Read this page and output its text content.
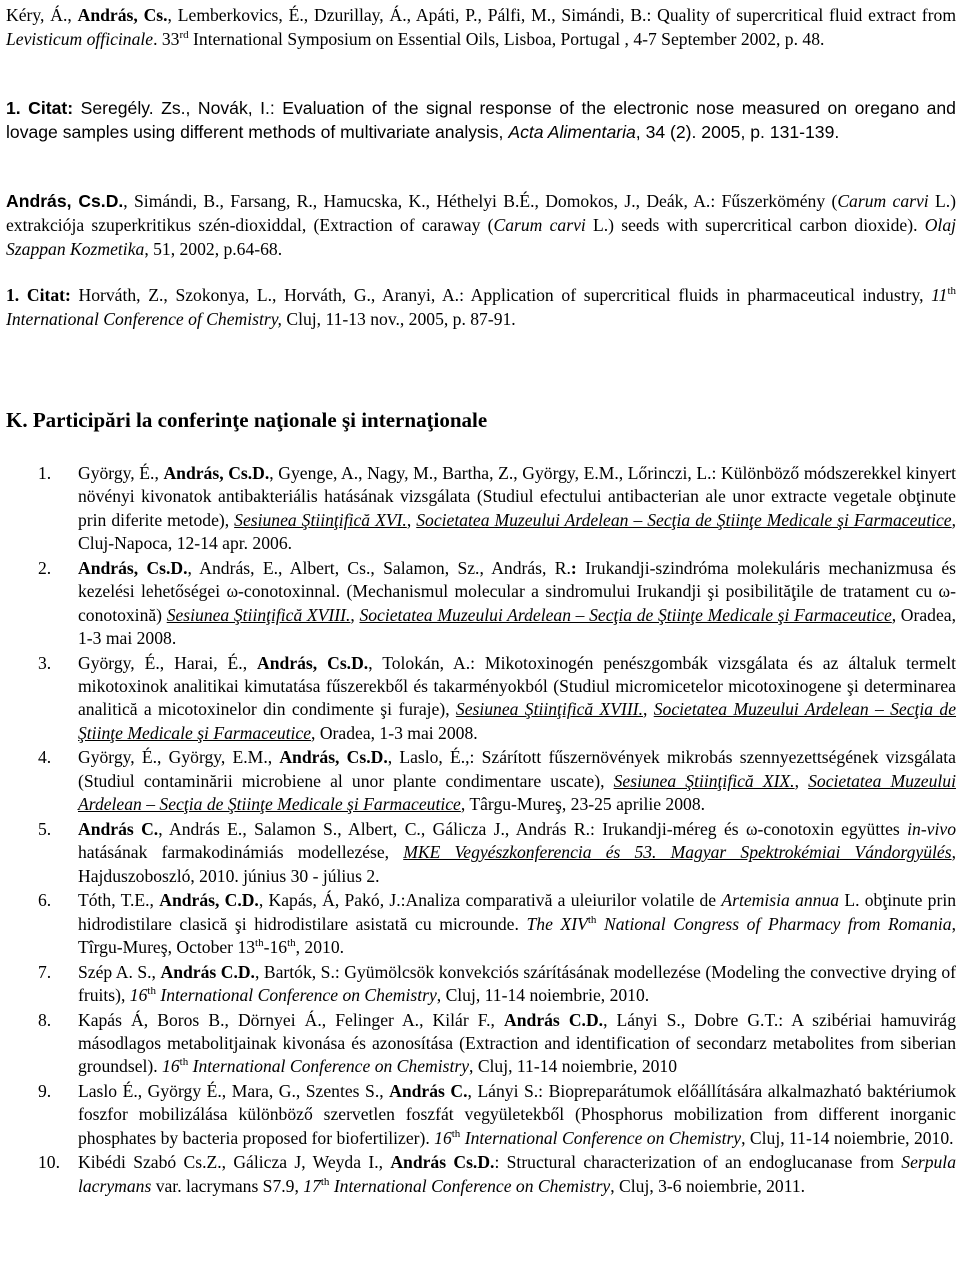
Kéry, Á., András, Cs., Lemberkovics, É., Dzurillay, Á., Apáti, P., Pálfi, M., Simándi, B.: Quality of supercritical fluid extract from Levisticum officinale. 33rd International Symposium on Essential Oils, Lisboa, Portugal , 4-7 September 2002, p. 48.
1. Citat: Seregély. Zs., Novák, I.: Evaluation of the signal response of the electronic nose measured on oregano and lovage samples using different methods of multivariate analysis, Acta Alimentaria, 34 (2). 2005, p. 131-139.
András, Cs.D., Simándi, B., Farsang, R., Hamucska, K., Héthelyi B.É., Domokos, J., Deák, A.: Fűszerkömény (Carum carvi L.) extrakciója szuperkritikus szén-dioxiddal, (Extraction of caraway (Carum carvi L.) seeds with supercritical carbon dioxide). Olaj Szappan Kozmetika, 51, 2002, p.64-68.
1. Citat: Horváth, Z., Szokonya, L., Horváth, G., Aranyi, A.: Application of supercritical fluids in pharmaceutical industry, 11th International Conference of Chemistry, Cluj, 11-13 nov., 2005, p. 87-91.
K. Participări la conferinţe naţionale şi internaţionale
1. György, É., András, Cs.D., Gyenge, A., Nagy, M., Bartha, Z., György, E.M., Lőrinczi, L.: Különböző módszerekkel kinyert növényi kivonatok antibakteriális hatásának vizsgálata (Studiul efectului antibacterian ale unor extracte vegetale obţinute prin diferite metode), Sesiunea Ştiinţifică XVI., Societatea Muzeului Ardelean – Secţia de Ştiinţe Medicale şi Farmaceutice, Cluj-Napoca, 12-14 apr. 2006.
2. András, Cs.D., András, E., Albert, Cs., Salamon, Sz., András, R.: Irukandji-szindróma molekuláris mechanizmusa és kezelési lehetőségei ω-conotoxinnal. (Mechanismul molecular a sindromului Irukandji şi posibilităţile de tratament cu ω-conotoxină) Sesiunea Ştiinţifică XVIII., Societatea Muzeului Ardelean – Secţia de Ştiinţe Medicale şi Farmaceutice, Oradea, 1-3 mai 2008.
3. György, É., Harai, É., András, Cs.D., Tolokán, A.: Mikotoxinogén penészgombák vizsgálata és az általuk termelt mikotoxinok analitikai kimutatása fűszerekből és takarményokból (Studiul micromicetelor micotoxinogene şi determinarea analitică a micotoxinelor din condimente şi furaje), Sesiunea Ştiinţifică XVIII., Societatea Muzeului Ardelean – Secţia de Ştiinţe Medicale şi Farmaceutice, Oradea, 1-3 mai 2008.
4. György, É., György, E.M., András, Cs.D., Laslo, É.,: Szárított fűszernövények mikrobás szennyezettségének vizsgálata (Studiul contaminării microbiene al unor plante condimentare uscate), Sesiunea Ştiinţifică XIX., Societatea Muzeului Ardelean – Secţia de Ştiinţe Medicale şi Farmaceutice, Târgu-Mureş, 23-25 aprilie 2008.
5. András C., András E., Salamon S., Albert, C., Gálicza J., András R.: Irukandji-méreg és ω-conotoxin együttes in-vivo hatásának farmakodinámiás modellezése, MKE Vegyészkonferencia és 53. Magyar Spektrokémiai Vándorgyülés, Hajduszoboszló, 2010. június 30 - július 2.
6. Tóth, T.E., András, C.D., Kapás, Á, Pakó, J.:Analiza comparativă a uleiurilor volatile de Artemisia annua L. obţinute prin hidrodistilare clasică şi hidrodistilare asistată cu microunde. The XIVth National Congress of Pharmacy from Romania, Tîrgu-Mureş, October 13th-16th, 2010.
7. Szép A. S., András C.D., Bartók, S.: Gyümölcsök konvekciós szárításának modellezése (Modeling the convective drying of fruits), 16th International Conference on Chemistry, Cluj, 11-14 noiembrie, 2010.
8. Kapás Á, Boros B., Dörnyei Á., Felinger A., Kilár F., András C.D., Lányi S., Dobre G.T.: A szibériai hamuvirág másodlagos metabolitjainak kivonása és azonosítása (Extraction and identification of secondarz metabolites from siberian groundsel). 16th International Conference on Chemistry, Cluj, 11-14 noiembrie, 2010
9. Laslo É., György É., Mara, G., Szentes S., András C., Lányi S.: Biopreparátumok előállítására alkalmazható baktériumok foszfor mobilizálása különböző szervetlen foszfát vegyületekből (Phosphorus mobilization from different inorganic phosphates by bacteria proposed for biofertilizer). 16th International Conference on Chemistry, Cluj, 11-14 noiembrie, 2010.
10. Kibédi Szabó Cs.Z., Gálicza J, Weyda I., András Cs.D.: Structural characterization of an endoglucanase from Serpula lacrymans var. lacrymans S7.9, 17th International Conference on Chemistry, Cluj, 3-6 noiembrie, 2011.
